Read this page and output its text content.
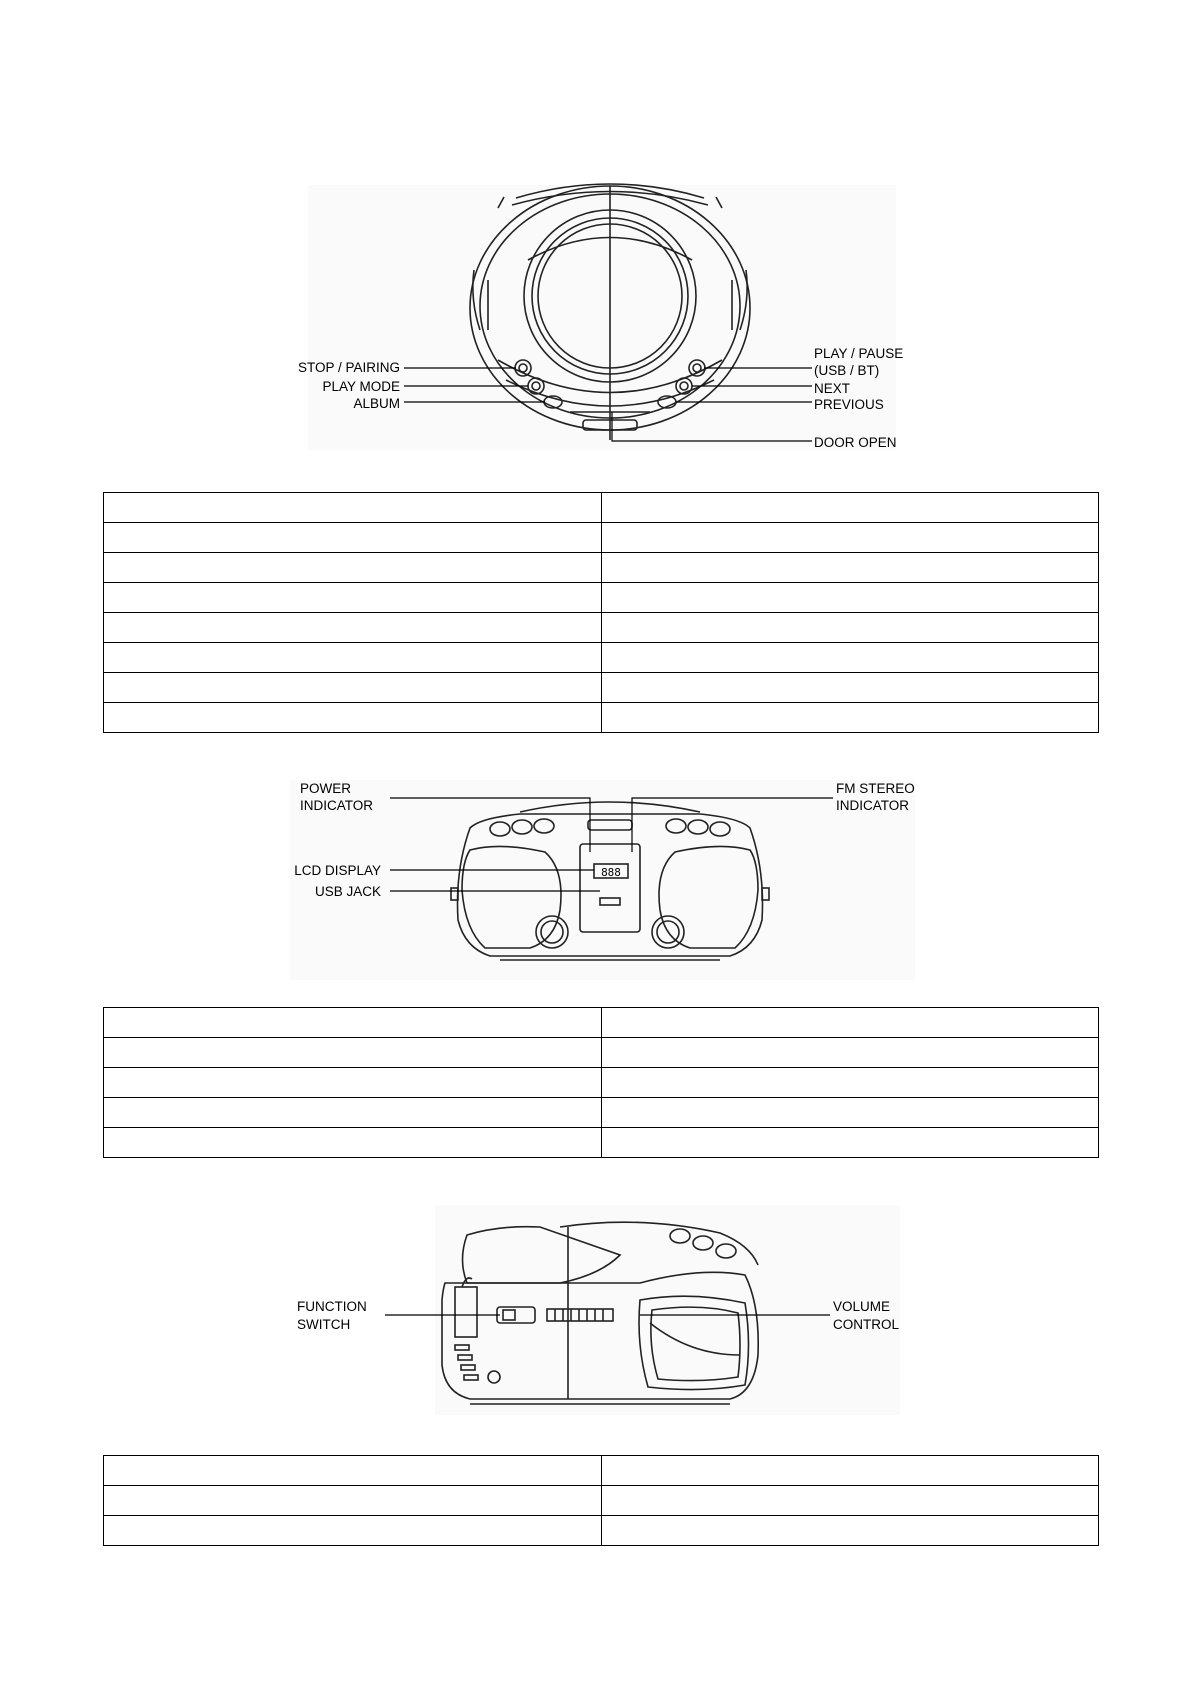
STOP / PAIRING
PLAY MODE
ALBUM
PLAY / PAUSE
(USB / BT)
NEXT
PREVIOUS
DOOR OPEN

888
POWER
INDICATOR
FM STEREO
INDICATOR
LCD DISPLAY
USB JACK

FUNCTION
SWITCH
VOLUME
CONTROL
